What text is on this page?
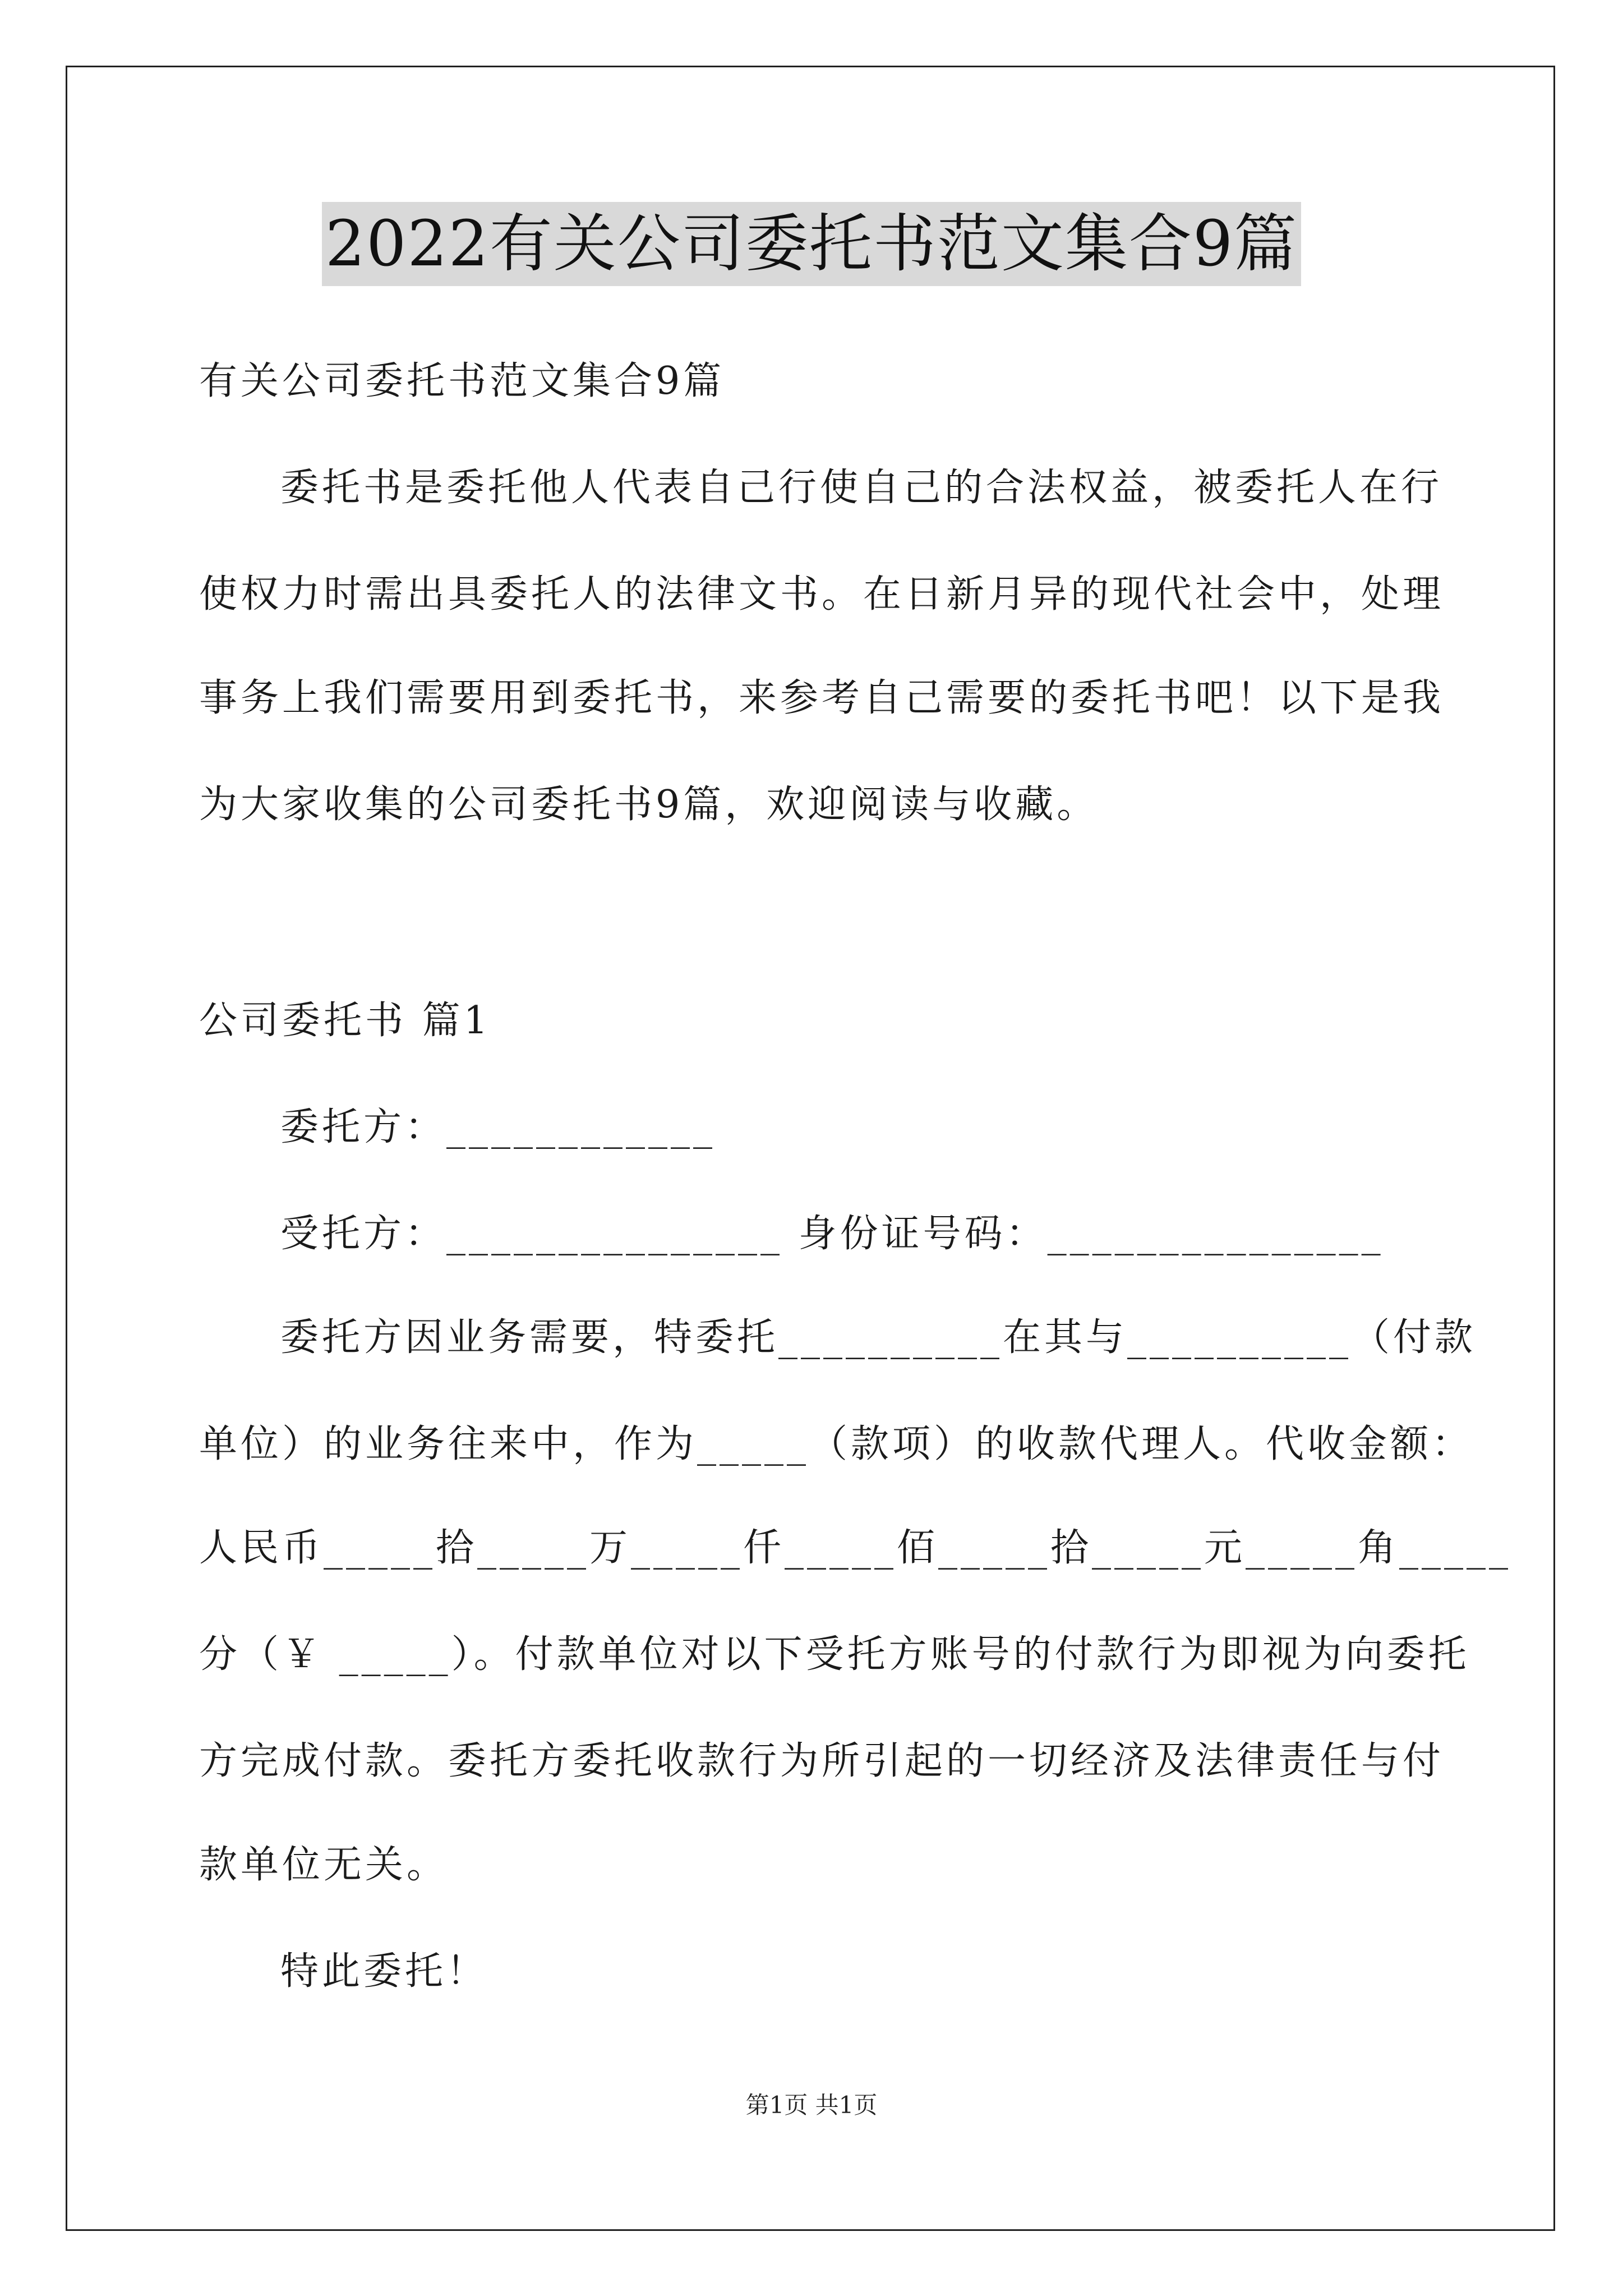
2022有关公司委托书范文集合9篇
有关公司委托书范文集合9篇
委托书是委托他人代表自己行使自己的合法权益，被委托人在行
使权力时需出具委托人的法律文书。在日新月异的现代社会中，处理
事务上我们需要用到委托书，来参考自己需要的委托书吧！以下是我
为大家收集的公司委托书9篇，欢迎阅读与收藏。
公司委托书 篇1
委托方：____________
受托方：_______________ 身份证号码：_______________
委托方因业务需要，特委托__________在其与__________（付款
单位）的业务往来中，作为_____（款项）的收款代理人。代收金额：
人民币_____拾_____万_____仟_____佰_____拾_____元_____角_____
分（￥ _____）。付款单位对以下受托方账号的付款行为即视为向委托
方完成付款。委托方委托收款行为所引起的一切经济及法律责任与付
款单位无关。
特此委托！
第1页 共1页
